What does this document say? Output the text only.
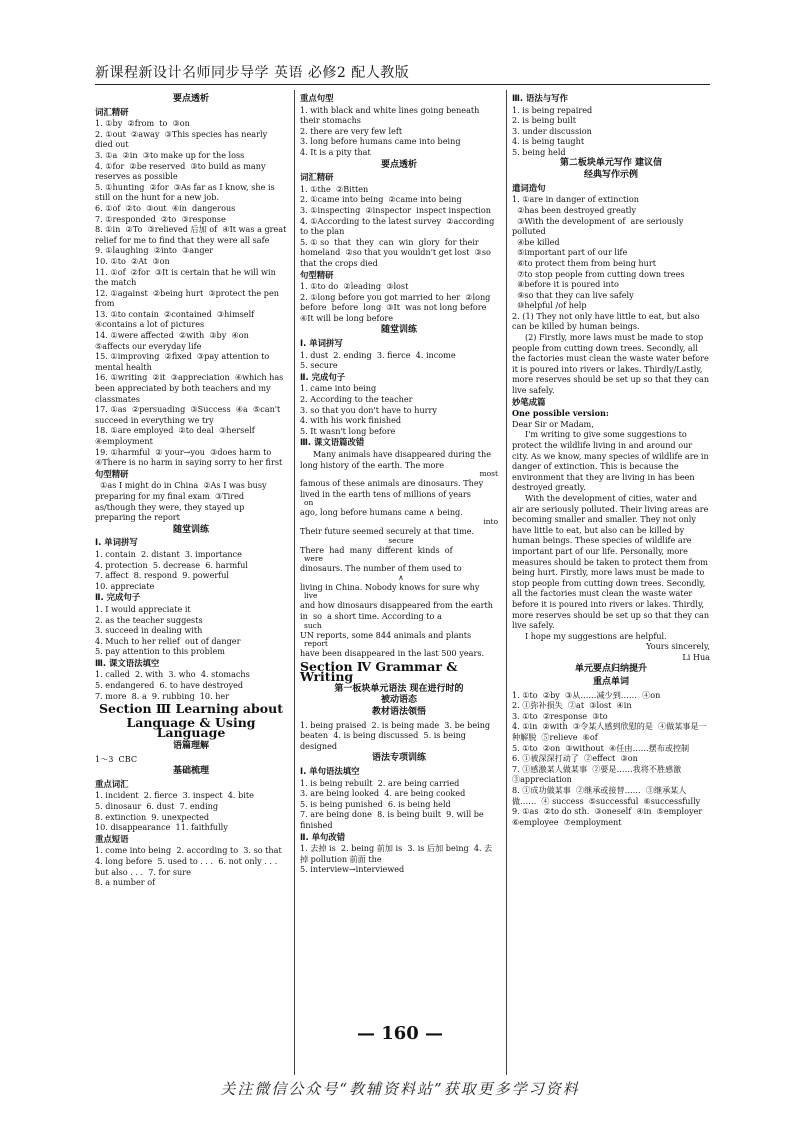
新课程新设计名师同步导学 英语 必修2 配人教版
要点透析
词汇精研
1. ①by  ②from  to  ③on
2. ①out  ②away  ③This species has nearly died out
3. ①a  ②in  ③to make up for the loss
4. ①for  ②be reserved  ③to build as many reserves as possible
5. ①hunting  ②for  ③As far as I know, she is still on the hunt for a new job.
6. ①of  ②to  ③out  ④in  dangerous
7. ①responded  ②to  ③response
8. ①in  ②To  ③relieved 后加 of  ④It was a great relief for me to find that they were all safe
9. ①laughing  ②into  ③anger
10. ①to  ②At  ③on
11. ①of  ②for  ③It is certain that he will win the match
12. ①against  ②being hurt  ③protect the pen from
13. ①to contain  ②contained  ③himself  ④contains a lot of pictures
14. ①were affected  ②with  ③by  ④on  ⑤affects our everyday life
15. ①improving  ②fixed  ③pay attention to mental health
16. ①writing  ②it  ③appreciation  ④which has been appreciated by both teachers and my classmates
17. ①as  ②persuading  ③Success  ④a  ⑤can't succeed in everything we try
18. ①are employed  ②to deal  ③herself  ④employment
19. ①harmful  ② your→you  ③does harm to  ④There is no harm in saying sorry to her first
句型精研
①as I might do in China  ②As I was busy preparing for my final exam  ③Tired as/though they were, they stayed up preparing the report
随堂训练
Ⅰ. 单词拼写
1. contain  2. distant  3. importance
4. protection  5. decrease  6. harmful
7. affect  8. respond  9. powerful
10. appreciate
Ⅱ. 完成句子
1. I would appreciate it
2. as the teacher suggests
3. succeed in dealing with
4. Much to her relief  out of danger
5. pay attention to this problem
Ⅲ. 课文语法填空
1. called  2. with  3. who  4. stomachs
5. endangered  6. to have destroyed
7. more  8. a  9. rubbing  10. her
Section Ⅲ Learning about
Language & Using Language
语篇理解
1～3  CBC
基础梳理
重点词汇
1. incident  2. fierce  3. inspect  4. bite
5. dinosaur  6. dust  7. ending
8. extinction  9. unexpected
10. disappearance  11. faithfully
重点短语
1. come into being  2. according to  3. so that  4. long before  5. used to . . .  6. not only . . . but also . . .  7. for sure
8. a number of
重点句型
1. with black and white lines going beneath their stomachs
2. there are very few left
3. long before humans came into being
4. It is a pity that
要点透析
词汇精研
1. ①the  ②Bitten
2. ①came into being  ②came into being
3. ①inspecting  ②inspector  inspect inspection
4. ①According to the latest survey  ②according to the plan
5. ① so  that  they  can  win  glory  for their homeland  ②so that you wouldn't get lost  ③so that the crops died
句型精研
1. ①to do  ②leading  ③lost
2. ①long before you got married to her  ②long  before  before  long  ③It  was not long before  ④It will be long before
随堂训练
Ⅰ. 单词拼写
1. dust  2. ending  3. fierce  4. income
5. secure
Ⅱ. 完成句子
1. came into being
2. According to the teacher
3. so that you don't have to hurry
4. with his work finished
5. It wasn't long before
Ⅲ. 课文语篇改错
Many animals have disappeared during the long history of the earth. The more
most
famous of these animals are dinosaurs. They lived in the earth tens of millions of years
on
ago, long before humans came ∧ being.
into
Their future seemed securely at that time.
secure
There  had  many  different  kinds  of
were
dinosaurs. The number of them used to
∧
living in China. Nobody knows for sure why
live
and how dinosaurs disappeared from the earth in  so  a short time. According to a
such
UN reports, some 844 animals and plants
report
have been disappeared in the last 500 years.
Section Ⅳ Grammar & Writing
第一板块单元语法 现在进行时的
被动语态
教材语法领悟
1. being praised  2. is being made  3. be being beaten  4. is being discussed  5. is being designed
语法专项训练
Ⅰ. 单句语法填空
1. is being rebuilt  2. are being carried
3. are being looked  4. are being cooked
5. is being punished  6. is being held
7. are being done  8. is being built  9. will be finished
Ⅱ. 单句改错
1. 去掉 is  2. being 前加 is  3. is 后加 being  4. 去掉 pollution 前面 the
5. interview→interviewed
Ⅲ. 语法与写作
1. is being repaired
2. is being built
3. under discussion
4. is being taught
5. being held
第二板块单元写作 建议信
经典写作示例
遣词造句
1. ①are in danger of extinction
②has been destroyed greatly
③With the development of  are seriously polluted
④be killed
⑤important part of our life
⑥to protect them from being hurt
⑦to stop people from cutting down trees
⑧before it is poured into
⑨so that they can live safely
⑩helpful /of help
2. (1) They not only have little to eat, but also can be killed by human beings.
(2) Firstly, more laws must be made to stop people from cutting down trees. Secondly, all the factories must clean the waste water before it is poured into rivers or lakes. Thirdly/Lastly, more reserves should be set up so that they can live safely.
妙笔成篇
One possible version:
Dear Sir or Madam,
I'm writing to give some suggestions to protect the wildlife living in and around our city. As we know, many species of wildlife are in danger of extinction. This is because the environment that they are living in has been destroyed greatly.
With the development of cities, water and air are seriously polluted. Their living areas are becoming smaller and smaller. They not only have little to eat, but also can be killed by human beings. These species of wildlife are important part of our life. Personally, more measures should be taken to protect them from being hurt. Firstly, more laws must be made to stop people from cutting down trees. Secondly, all the factories must clean the waste water before it is poured into rivers or lakes. Thirdly, more reserves should be set up so that they can live safely.
I hope my suggestions are helpful.
Yours sincerely,
Li Hua
单元要点归纳提升
重点单词
1. ①to  ②by  ③从……减少到……  ④on
2. ①弥补损失  ②at  ③lost  ④in
3. ①to  ②response  ③to
4. ①in  ②with  ③令某人感到欣慰的是  ④做某事是一种解脱  ⑤relieve  ⑥of
5. ①to  ②on  ③without  ④任由……摆布或控制
6. ①被深深打动了  ②effect  ③on
7. ①感激某人做某事  ②要是……我将不胜感激  ③appreciation
8. ①成功做某事  ②继承或接替……  ③继承某人做……  ④ success  ⑤successful  ⑥successfully
9. ①as  ②to do sth.  ③oneself  ④in  ⑤employer  ⑥employee  ⑦employment
— 160 —
关注微信公众号“教辅资料站”获取更多学习资料
